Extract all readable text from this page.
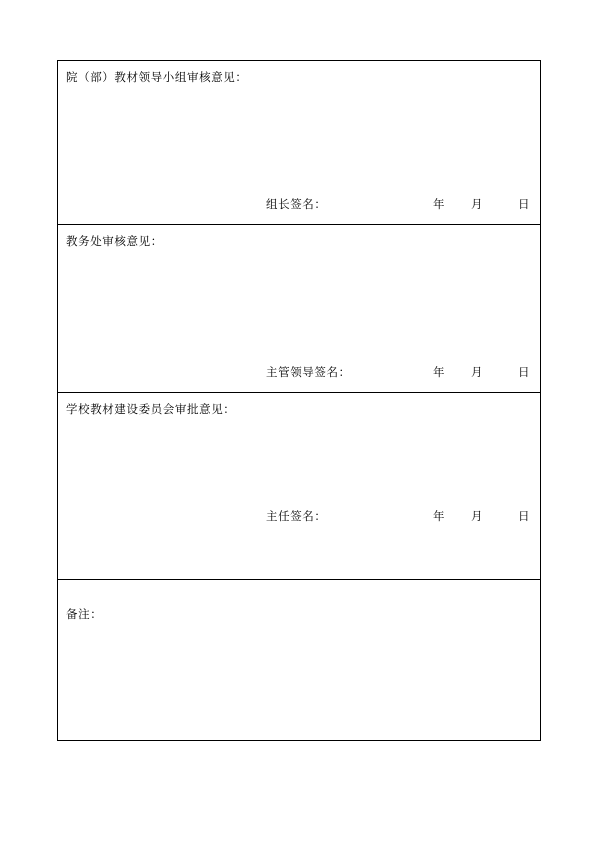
院（部）教材领导小组审核意见：
组长签名：	年 月	日

教务处审核意见：
主管领导签名：	年 月	日

学校教材建设委员会审批意见：
主任签名：	年 月	日

备注：
